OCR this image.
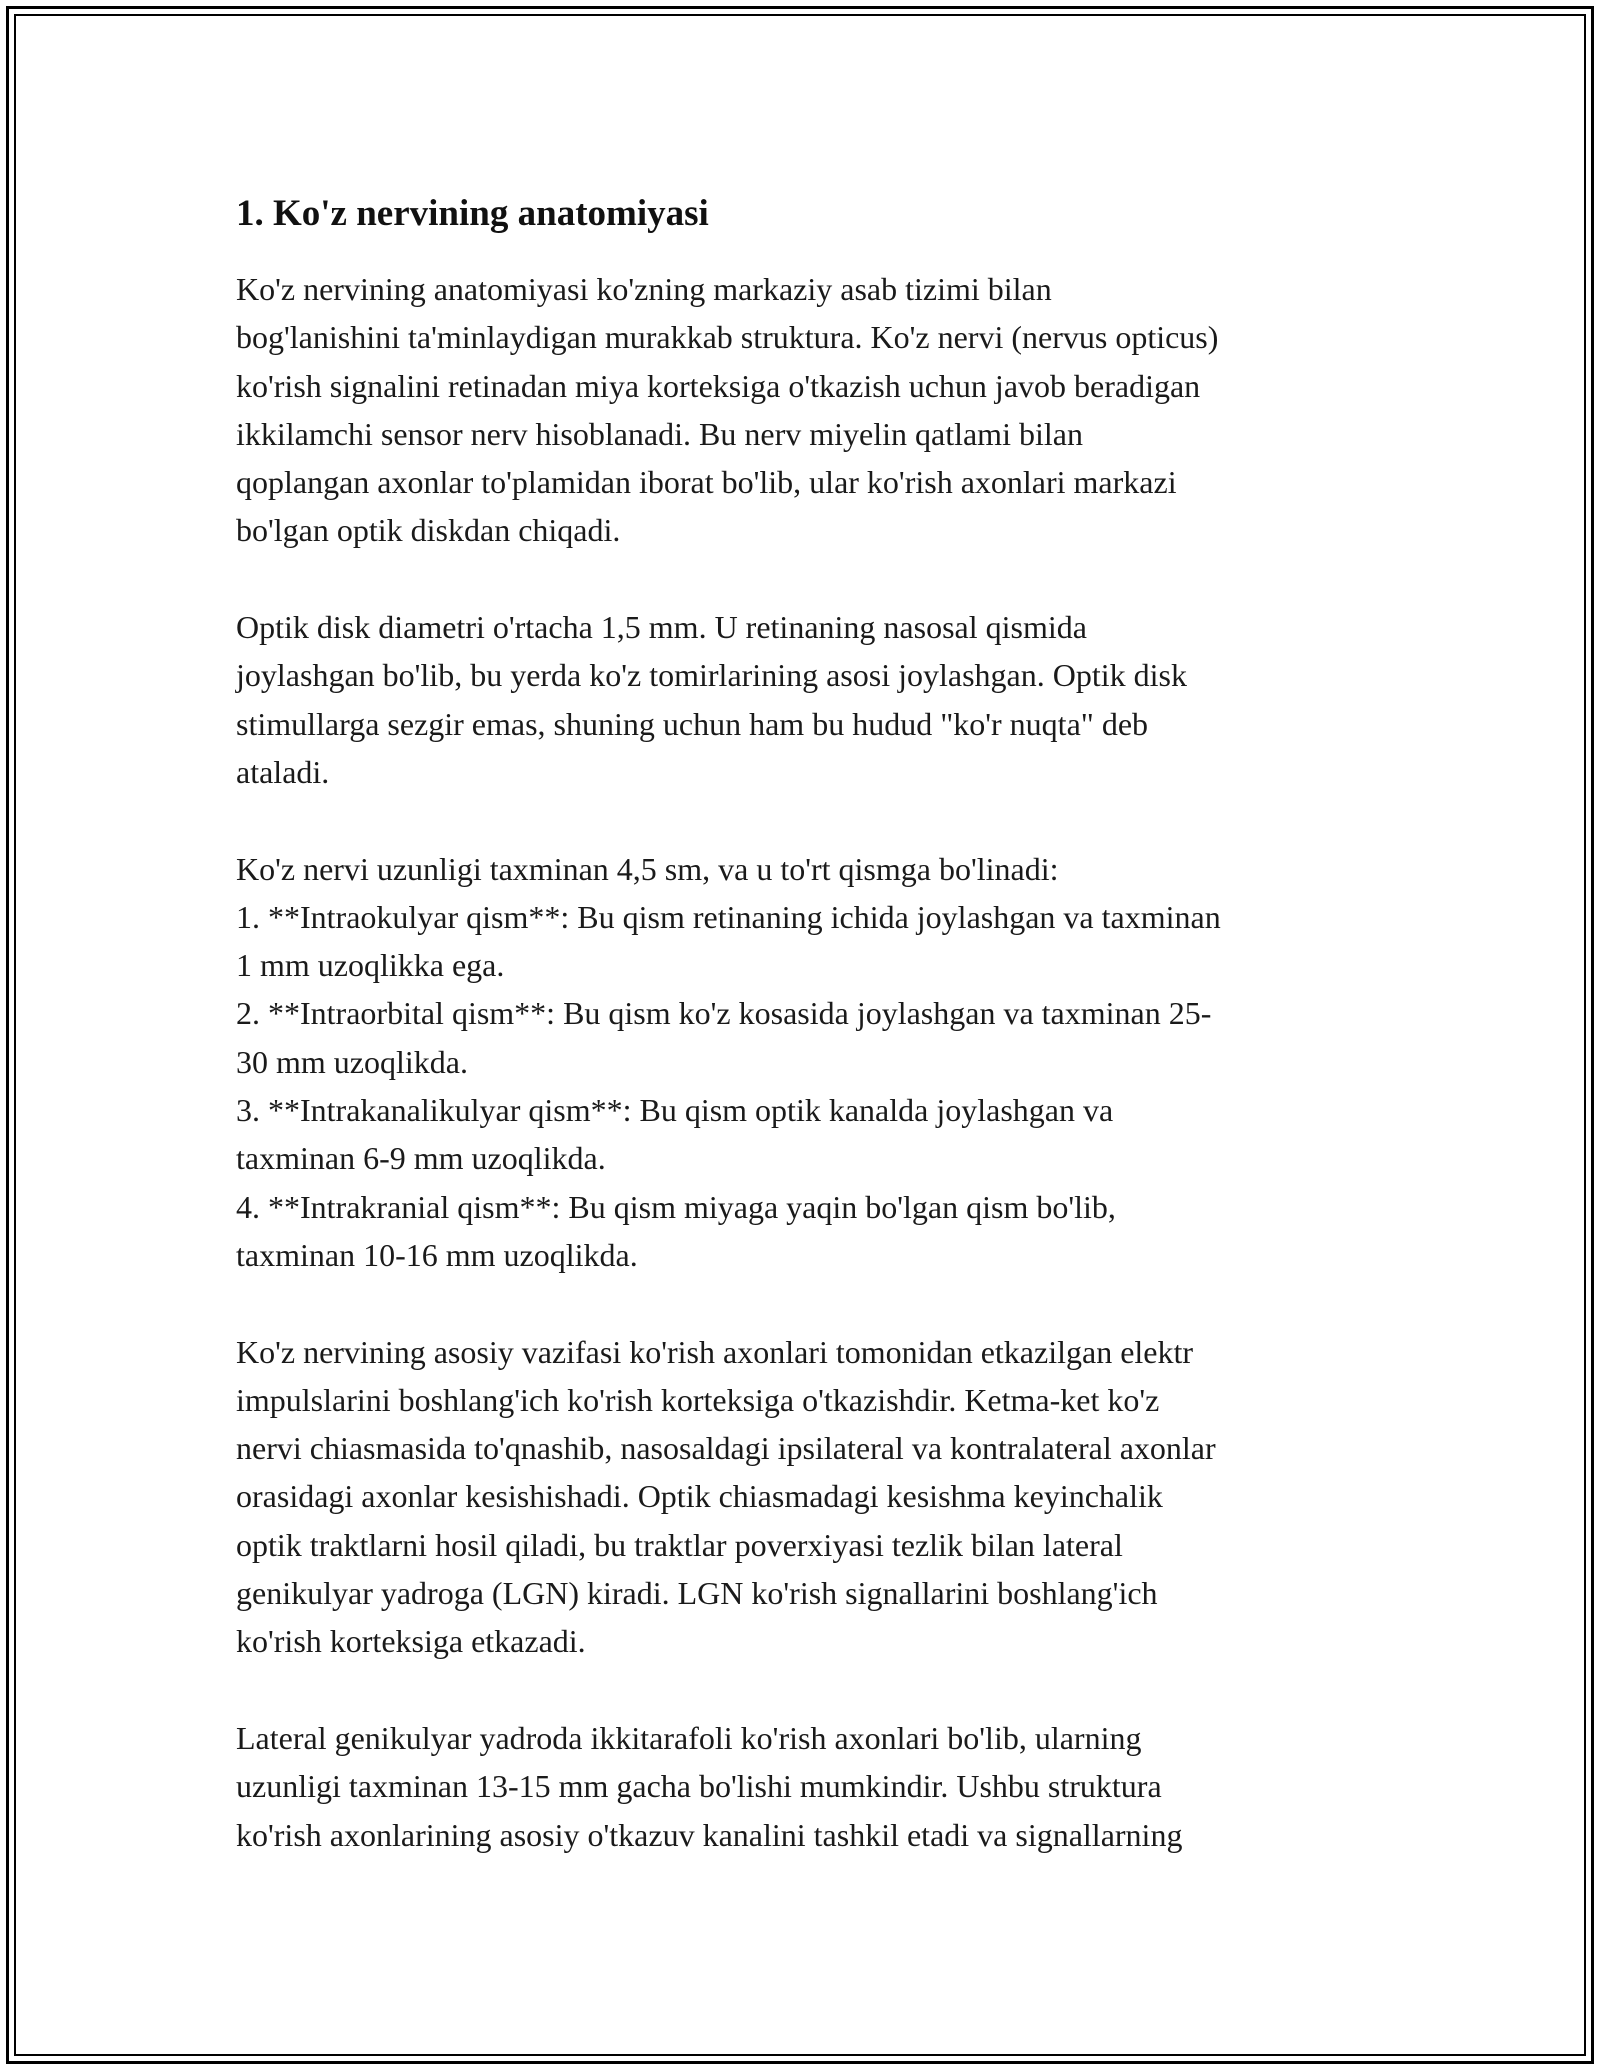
1. Ko'z nervining anatomiyasi
Ko'z nervining anatomiyasi ko'zning markaziy asab tizimi bilan
bog'lanishini ta'minlaydigan murakkab struktura. Ko'z nervi (nervus opticus)
ko'rish signalini retinadan miya korteksiga o'tkazish uchun javob beradigan
ikkilamchi sensor nerv hisoblanadi. Bu nerv miyelin qatlami bilan
qoplangan axonlar to'plamidan iborat bo'lib, ular ko'rish axonlari markazi
bo'lgan optik diskdan chiqadi.
Optik disk diametri o'rtacha 1,5 mm. U retinaning nasosal qismida
joylashgan bo'lib, bu yerda ko'z tomirlarining asosi joylashgan. Optik disk
stimullarga sezgir emas, shuning uchun ham bu hudud "ko'r nuqta" deb
ataladi.
Ko'z nervi uzunligi taxminan 4,5 sm, va u to'rt qismga bo'linadi:
1. **Intraokulyar qism**: Bu qism retinaning ichida joylashgan va taxminan
1 mm uzoqlikka ega.
2. **Intraorbital qism**: Bu qism ko'z kosasida joylashgan va taxminan 25-
30 mm uzoqlikda.
3. **Intrakanalikulyar qism**: Bu qism optik kanalda joylashgan va
taxminan 6-9 mm uzoqlikda.
4. **Intrakranial qism**: Bu qism miyaga yaqin bo'lgan qism bo'lib,
taxminan 10-16 mm uzoqlikda.
Ko'z nervining asosiy vazifasi ko'rish axonlari tomonidan etkazilgan elektr
impulslarini boshlang'ich ko'rish korteksiga o'tkazishdir. Ketma-ket ko'z
nervi chiasmasida to'qnashib, nasosaldagi ipsilateral va kontralateral axonlar
orasidagi axonlar kesishishadi. Optik chiasmadagi kesishma keyinchalik
optik traktlarni hosil qiladi, bu traktlar poverxiyasi tezlik bilan lateral
genikulyar yadroga (LGN) kiradi. LGN ko'rish signallarini boshlang'ich
ko'rish korteksiga etkazadi.
Lateral genikulyar yadroda ikkitarafoli ko'rish axonlari bo'lib, ularning
uzunligi taxminan 13-15 mm gacha bo'lishi mumkindir. Ushbu struktura
ko'rish axonlarining asosiy o'tkazuv kanalini tashkil etadi va signallarning
